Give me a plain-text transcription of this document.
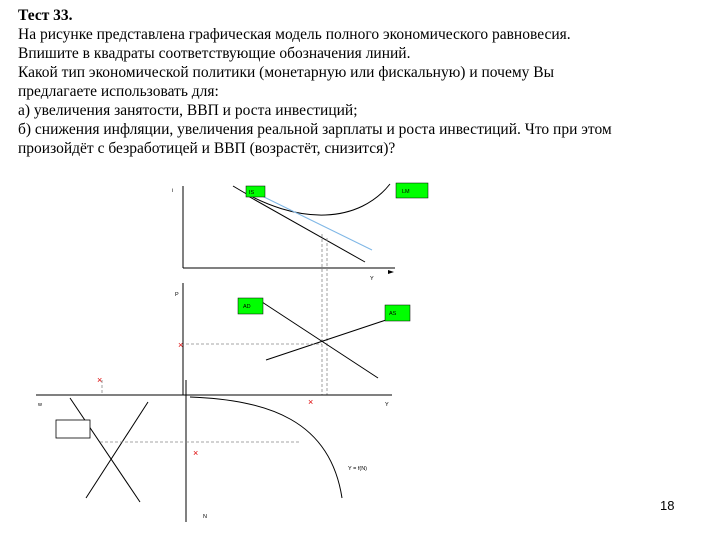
Тест 33.
На рисунке представлена графическая модель полного экономического равновесия.
Впишите в квадраты соответствующие обозначения линий.
Какой тип экономической политики (монетарную или фискальную) и почему Вы
предлагаете использовать для:
а) увеличения занятости, ВВП и роста инвестиций;
б) снижения инфляции, увеличения реальной зарплаты и роста инвестиций. Что при этом
произойдёт с безработицей и ВВП (возрастёт, снизится)?
i
Y
IS	LM
P
AD
AS
×
w	Y
N
×
×
×
Y = f(N)
18
